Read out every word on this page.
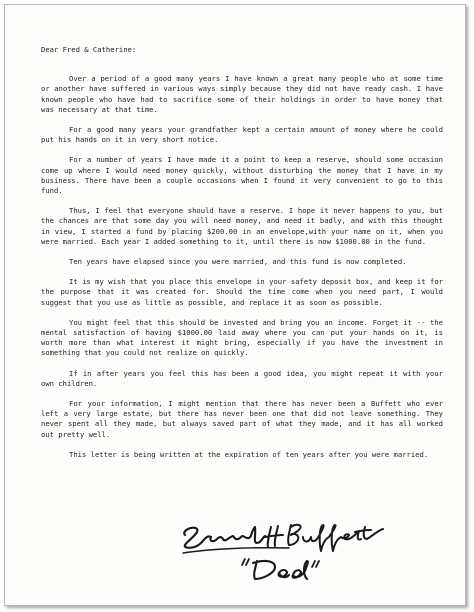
Dear Fred & Catherine:

Over a period of a good many years I have known a great many people who at some time or another have suffered in various ways simply because they did not have ready cash. I have known people who have had to sacrifice some of their holdings in order to have money that was necessary at that time.

For a good many years your grandfather kept a certain amount of money where he could put his hands on it in very short notice.

For a number of years I have made it a point to keep a reserve, should some occasion come up where I would need money quickly, without disturbing the money that I have in my business. There have been a couple occasions when I found it very convenient to go to this fund.

Thus, I feel that everyone should have a reserve. I hope it never happens to you, but the chances are that some day you will need money, and need it badly, and with this thought in view, I started a fund by placing $200.00 in an envelope,with your name on it, when you were married. Each year I added something to it, until there is now $1000.00 in the fund.

Ten years have elapsed since you were married, and this fund is now completed.

It is my wish that you place this envelope in your safety deposit box, and keep it for the purpose that it was created for. Should the time come when you need part, I would suggest that you use as little as possible, and replace it as soon as possible.

You might feel that this should be invested and bring you an income. Forget it -- the mental satisfaction of having $1000.00 laid away where you can put your hands on it, is worth more than what interest it might bring, especially if you have the investment in something that you could not realize on quickly.

If in after years you feel this has been a good idea, you might repeat it with your own children.

For your information, I might mention that there has never been a Buffett who ever left a very large estate, but there has never been one that did not leave something. They never spent all they made, but always saved part of what they made, and it has all worked out pretty well.

This letter is being written at the expiration of ten years after you were married.
